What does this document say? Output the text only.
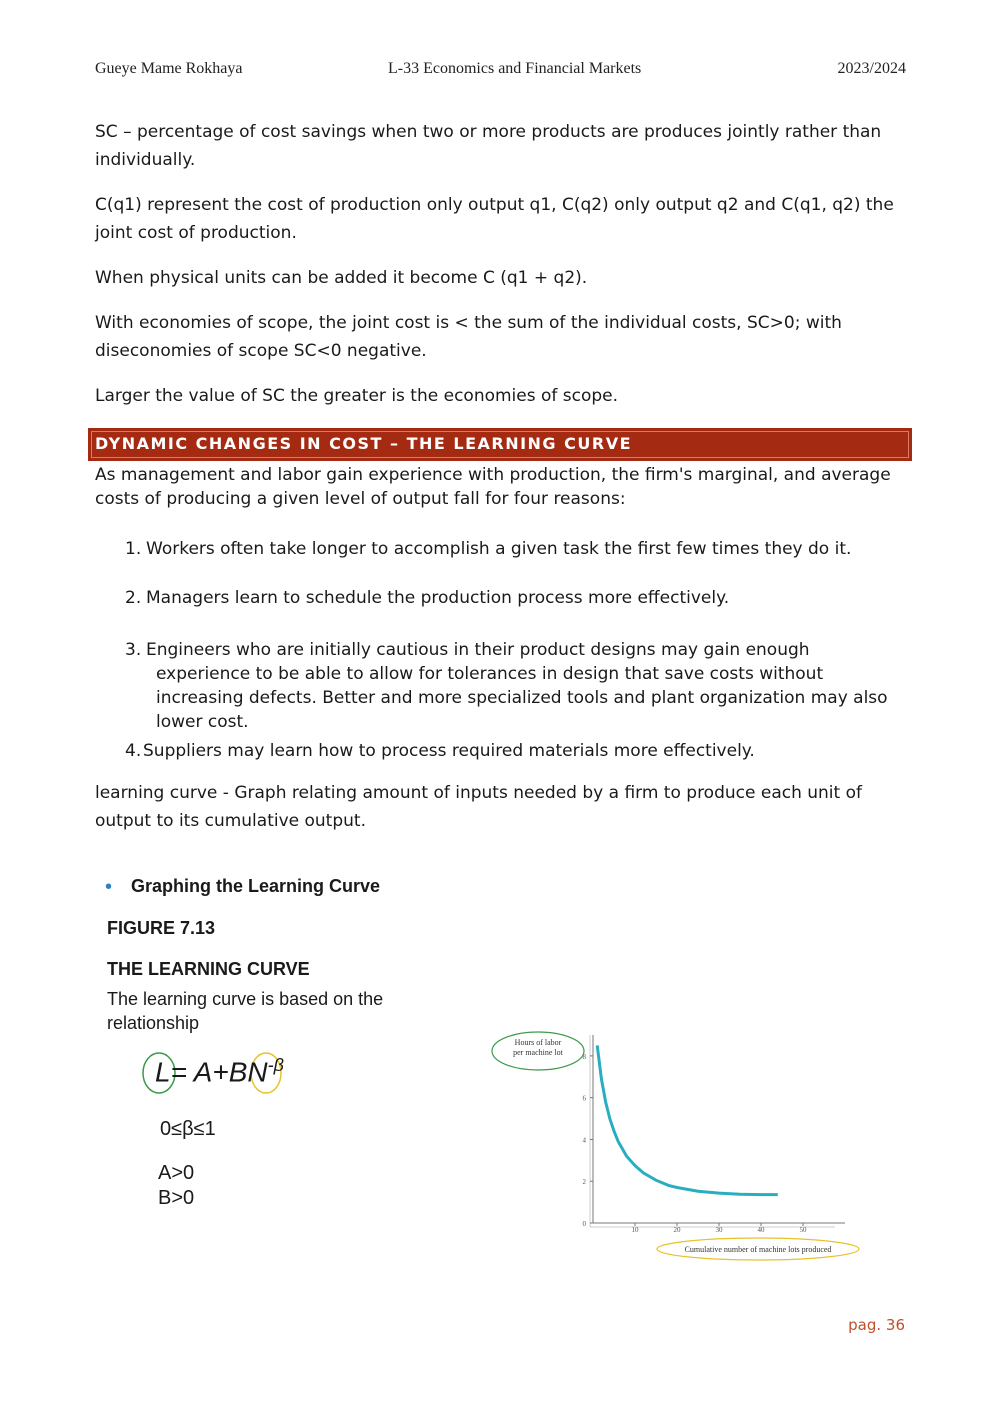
Gueye Mame Rokhaya	L-33 Economics and Financial Markets	2023/2024
SC – percentage of cost savings when two or more products are produces jointly rather than individually.
C(q1) represent the cost of production only output q1, C(q2) only output q2 and C(q1, q2) the joint cost of production.
When physical units can be added it become C (q1 + q2).
With economies of scope, the joint cost is < the sum of the individual costs, SC>0; with diseconomies of scope SC<0 negative.
Larger the value of SC the greater is the economies of scope.
DYNAMIC CHANGES IN COST – THE LEARNING CURVE
As management and labor gain experience with production, the firm's marginal, and average costs of producing a given level of output fall for four reasons:
1. Workers often take longer to accomplish a given task the first few times they do it.
2. Managers learn to schedule the production process more effectively.
3. Engineers who are initially cautious in their product designs may gain enough experience to be able to allow for tolerances in design that save costs without increasing defects. Better and more specialized tools and plant organization may also lower cost.
4. Suppliers may learn how to process required materials more effectively.
learning curve - Graph relating amount of inputs needed by a firm to produce each unit of output to its cumulative output.
• Graphing the Learning Curve
FIGURE 7.13
THE LEARNING CURVE
The learning curve is based on the relationship
$L= A+BN^{-\beta}$
0≤β≤1
A>0
B>0
Hours of labor
per machine lot
0
2
4
6
8
10	20	30	40	50
Cumulative number of machine lots produced
pag. 36
